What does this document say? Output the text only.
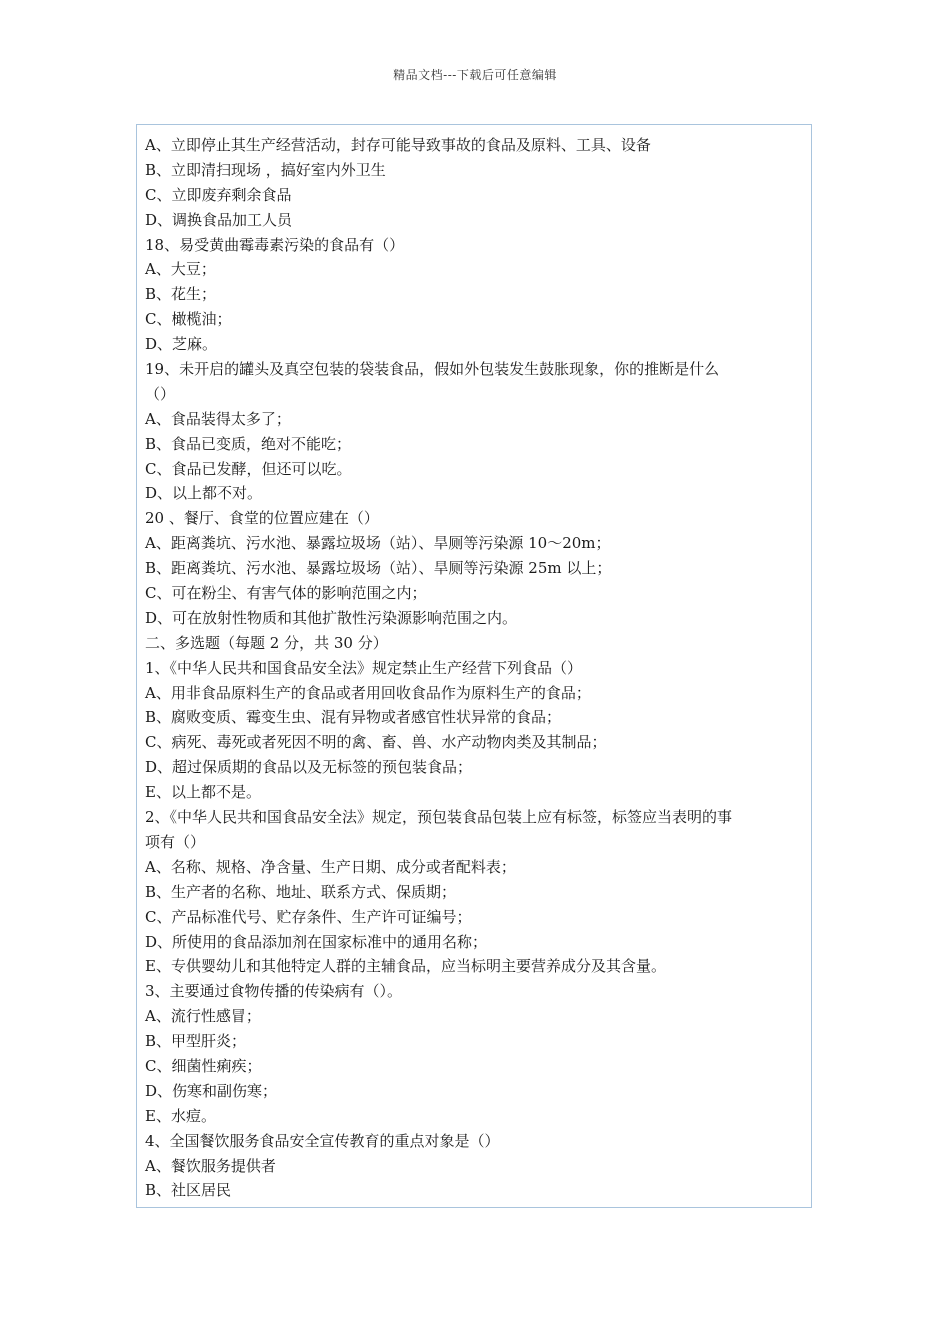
精品文档---下载后可任意编辑
A、立即停止其生产经营活动，封存可能导致事故的食品及原料、工具、设备
B、立即清扫现场 ，搞好室内外卫生
C、立即废弃剩余食品
D、调换食品加工人员
18、易受黄曲霉毒素污染的食品有（）
A、大豆；
B、花生；
C、橄榄油；
D、芝麻。
19、未开启的罐头及真空包装的袋装食品，假如外包装发生鼓胀现象，你的推断是什么
（）
A、食品装得太多了；
B、食品已变质，绝对不能吃；
C、食品已发酵，但还可以吃。
D、以上都不对。
20 、餐厅、食堂的位置应建在（）
A、距离粪坑、污水池、暴露垃圾场（站）、旱厕等污染源 10～20m；
B、距离粪坑、污水池、暴露垃圾场（站）、旱厕等污染源 25m 以上；
C、可在粉尘、有害气体的影响范围之内；
D、可在放射性物质和其他扩散性污染源影响范围之内。
二、多选题（每题 2 分，共 30 分）
1、《中华人民共和国食品安全法》规定禁止生产经营下列食品（）
A、用非食品原料生产的食品或者用回收食品作为原料生产的食品；
B、腐败变质、霉变生虫、混有异物或者感官性状异常的食品；
C、病死、毒死或者死因不明的禽、畜、兽、水产动物肉类及其制品；
D、超过保质期的食品以及无标签的预包装食品；
E、以上都不是。
2、《中华人民共和国食品安全法》规定，预包装食品包装上应有标签，标签应当表明的事
项有（）
A、名称、规格、净含量、生产日期、成分或者配料表；
B、生产者的名称、地址、联系方式、保质期；
C、产品标准代号、贮存条件、生产许可证编号；
D、所使用的食品添加剂在国家标准中的通用名称；
E、专供婴幼儿和其他特定人群的主辅食品，应当标明主要营养成分及其含量。
3、主要通过食物传播的传染病有（）。
A、流行性感冒；
B、甲型肝炎；
C、细菌性痢疾；
D、伤寒和副伤寒；
E、水痘。
4、全国餐饮服务食品安全宣传教育的重点对象是（）
A、餐饮服务提供者
B、社区居民
